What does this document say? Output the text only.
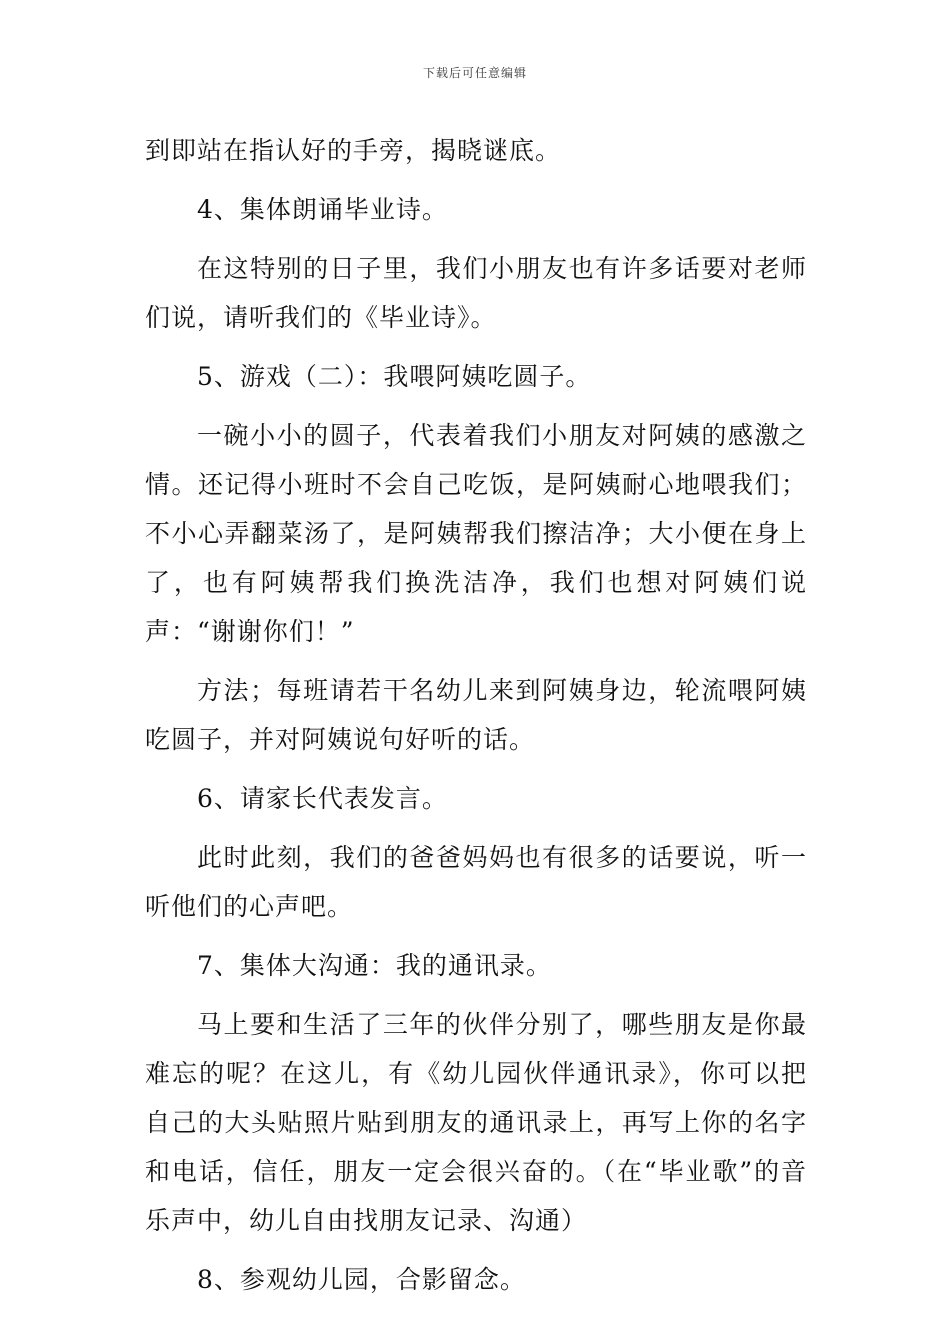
下载后可任意编辑

到即站在指认好的手旁，揭晓谜底。

4、集体朗诵毕业诗。

在这特别的日子里，我们小朋友也有许多话要对老师们说，请听我们的《毕业诗》。

5、游戏（二）：我喂阿姨吃圆子。

一碗小小的圆子，代表着我们小朋友对阿姨的感激之情。还记得小班时不会自己吃饭，是阿姨耐心地喂我们；不小心弄翻菜汤了，是阿姨帮我们擦洁净；大小便在身上了，也有阿姨帮我们换洗洁净，我们也想对阿姨们说声：“谢谢你们！”

方法；每班请若干名幼儿来到阿姨身边，轮流喂阿姨吃圆子，并对阿姨说句好听的话。

6、请家长代表发言。

此时此刻，我们的爸爸妈妈也有很多的话要说，听一听他们的心声吧。

7、集体大沟通：我的通讯录。

马上要和生活了三年的伙伴分别了，哪些朋友是你最难忘的呢？在这儿，有《幼儿园伙伴通讯录》，你可以把自己的大头贴照片贴到朋友的通讯录上，再写上你的名字和电话，信任，朋友一定会很兴奋的。（在“毕业歌”的音乐声中，幼儿自由找朋友记录、沟通）

8、参观幼儿园，合影留念。
